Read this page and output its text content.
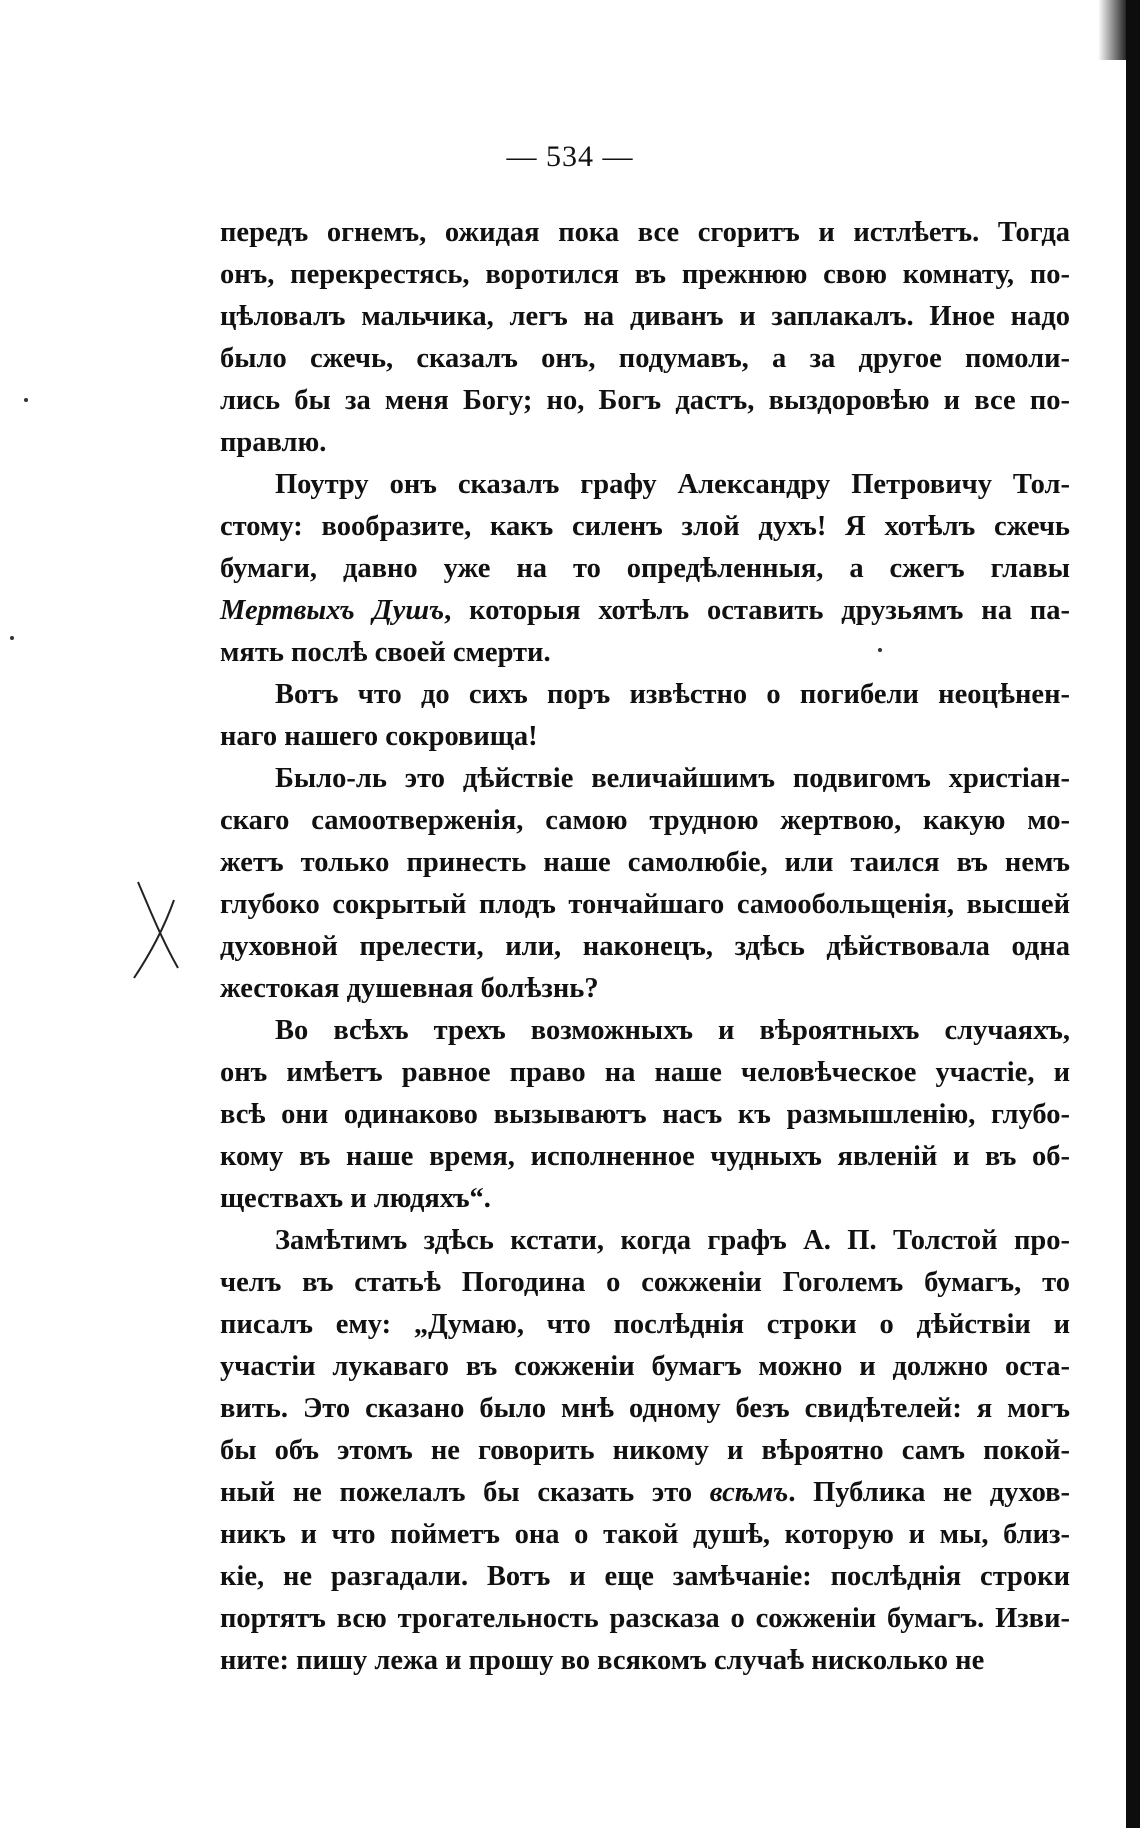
— 534 —
передъ огнемъ, ожидая пока все сгоритъ и истлѣетъ. Тогда
онъ, перекрестясь, воротился въ прежнюю свою комнату, по-
цѣловалъ мальчика, легъ на диванъ и заплакалъ. Иное надо
было сжечь, сказалъ онъ, подумавъ, а за другое помоли-
лись бы за меня Богу; но, Богъ дастъ, выздоровѣю и все по-
правлю.
Поутру онъ сказалъ графу Александру Петровичу Тол-
стому: вообразите, какъ силенъ злой духъ! Я хотѣлъ сжечь
бумаги, давно уже на то опредѣленныя, а сжегъ главы
Мертвыхъ Душъ, которыя хотѣлъ оставить друзьямъ на па-
мять послѣ своей смерти.
Вотъ что до сихъ поръ извѣстно о погибели неоцѣнен-
наго нашего сокровища!
Было-ль это дѣйствіе величайшимъ подвигомъ христіан-
скаго самоотверженія, самою трудною жертвою, какую мо-
жетъ только принесть наше самолюбіе, или таился въ немъ
глубоко сокрытый плодъ тончайшаго самообольщенія, высшей
духовной прелести, или, наконецъ, здѣсь дѣйствовала одна
жестокая душевная болѣзнь?
Во всѣхъ трехъ возможныхъ и вѣроятныхъ случаяхъ,
онъ имѣетъ равное право на наше человѣческое участіе, и
всѣ они одинаково вызываютъ насъ къ размышленію, глубо-
кому въ наше время, исполненное чудныхъ явленій и въ об-
ществахъ и людяхъ“.
Замѣтимъ здѣсь кстати, когда графъ А. П. Толстой про-
челъ въ статьѣ Погодина о сожженіи Гоголемъ бумагъ, то
писалъ ему: „Думаю, что послѣднія строки о дѣйствіи и
участіи лукаваго въ сожженіи бумагъ можно и должно оста-
вить. Это сказано было мнѣ одному безъ свидѣтелей: я могъ
бы объ этомъ не говорить никому и вѣроятно самъ покой-
ный не пожелалъ бы сказать это всѣмъ. Публика не духов-
никъ и что пойметъ она о такой душѣ, которую и мы, близ-
кіе, не разгадали. Вотъ и еще замѣчаніе: послѣднія строки
портятъ всю трогательность разсказа о сожженіи бумагъ. Изви-
ните: пишу лежа и прошу во всякомъ случаѣ нисколько не
